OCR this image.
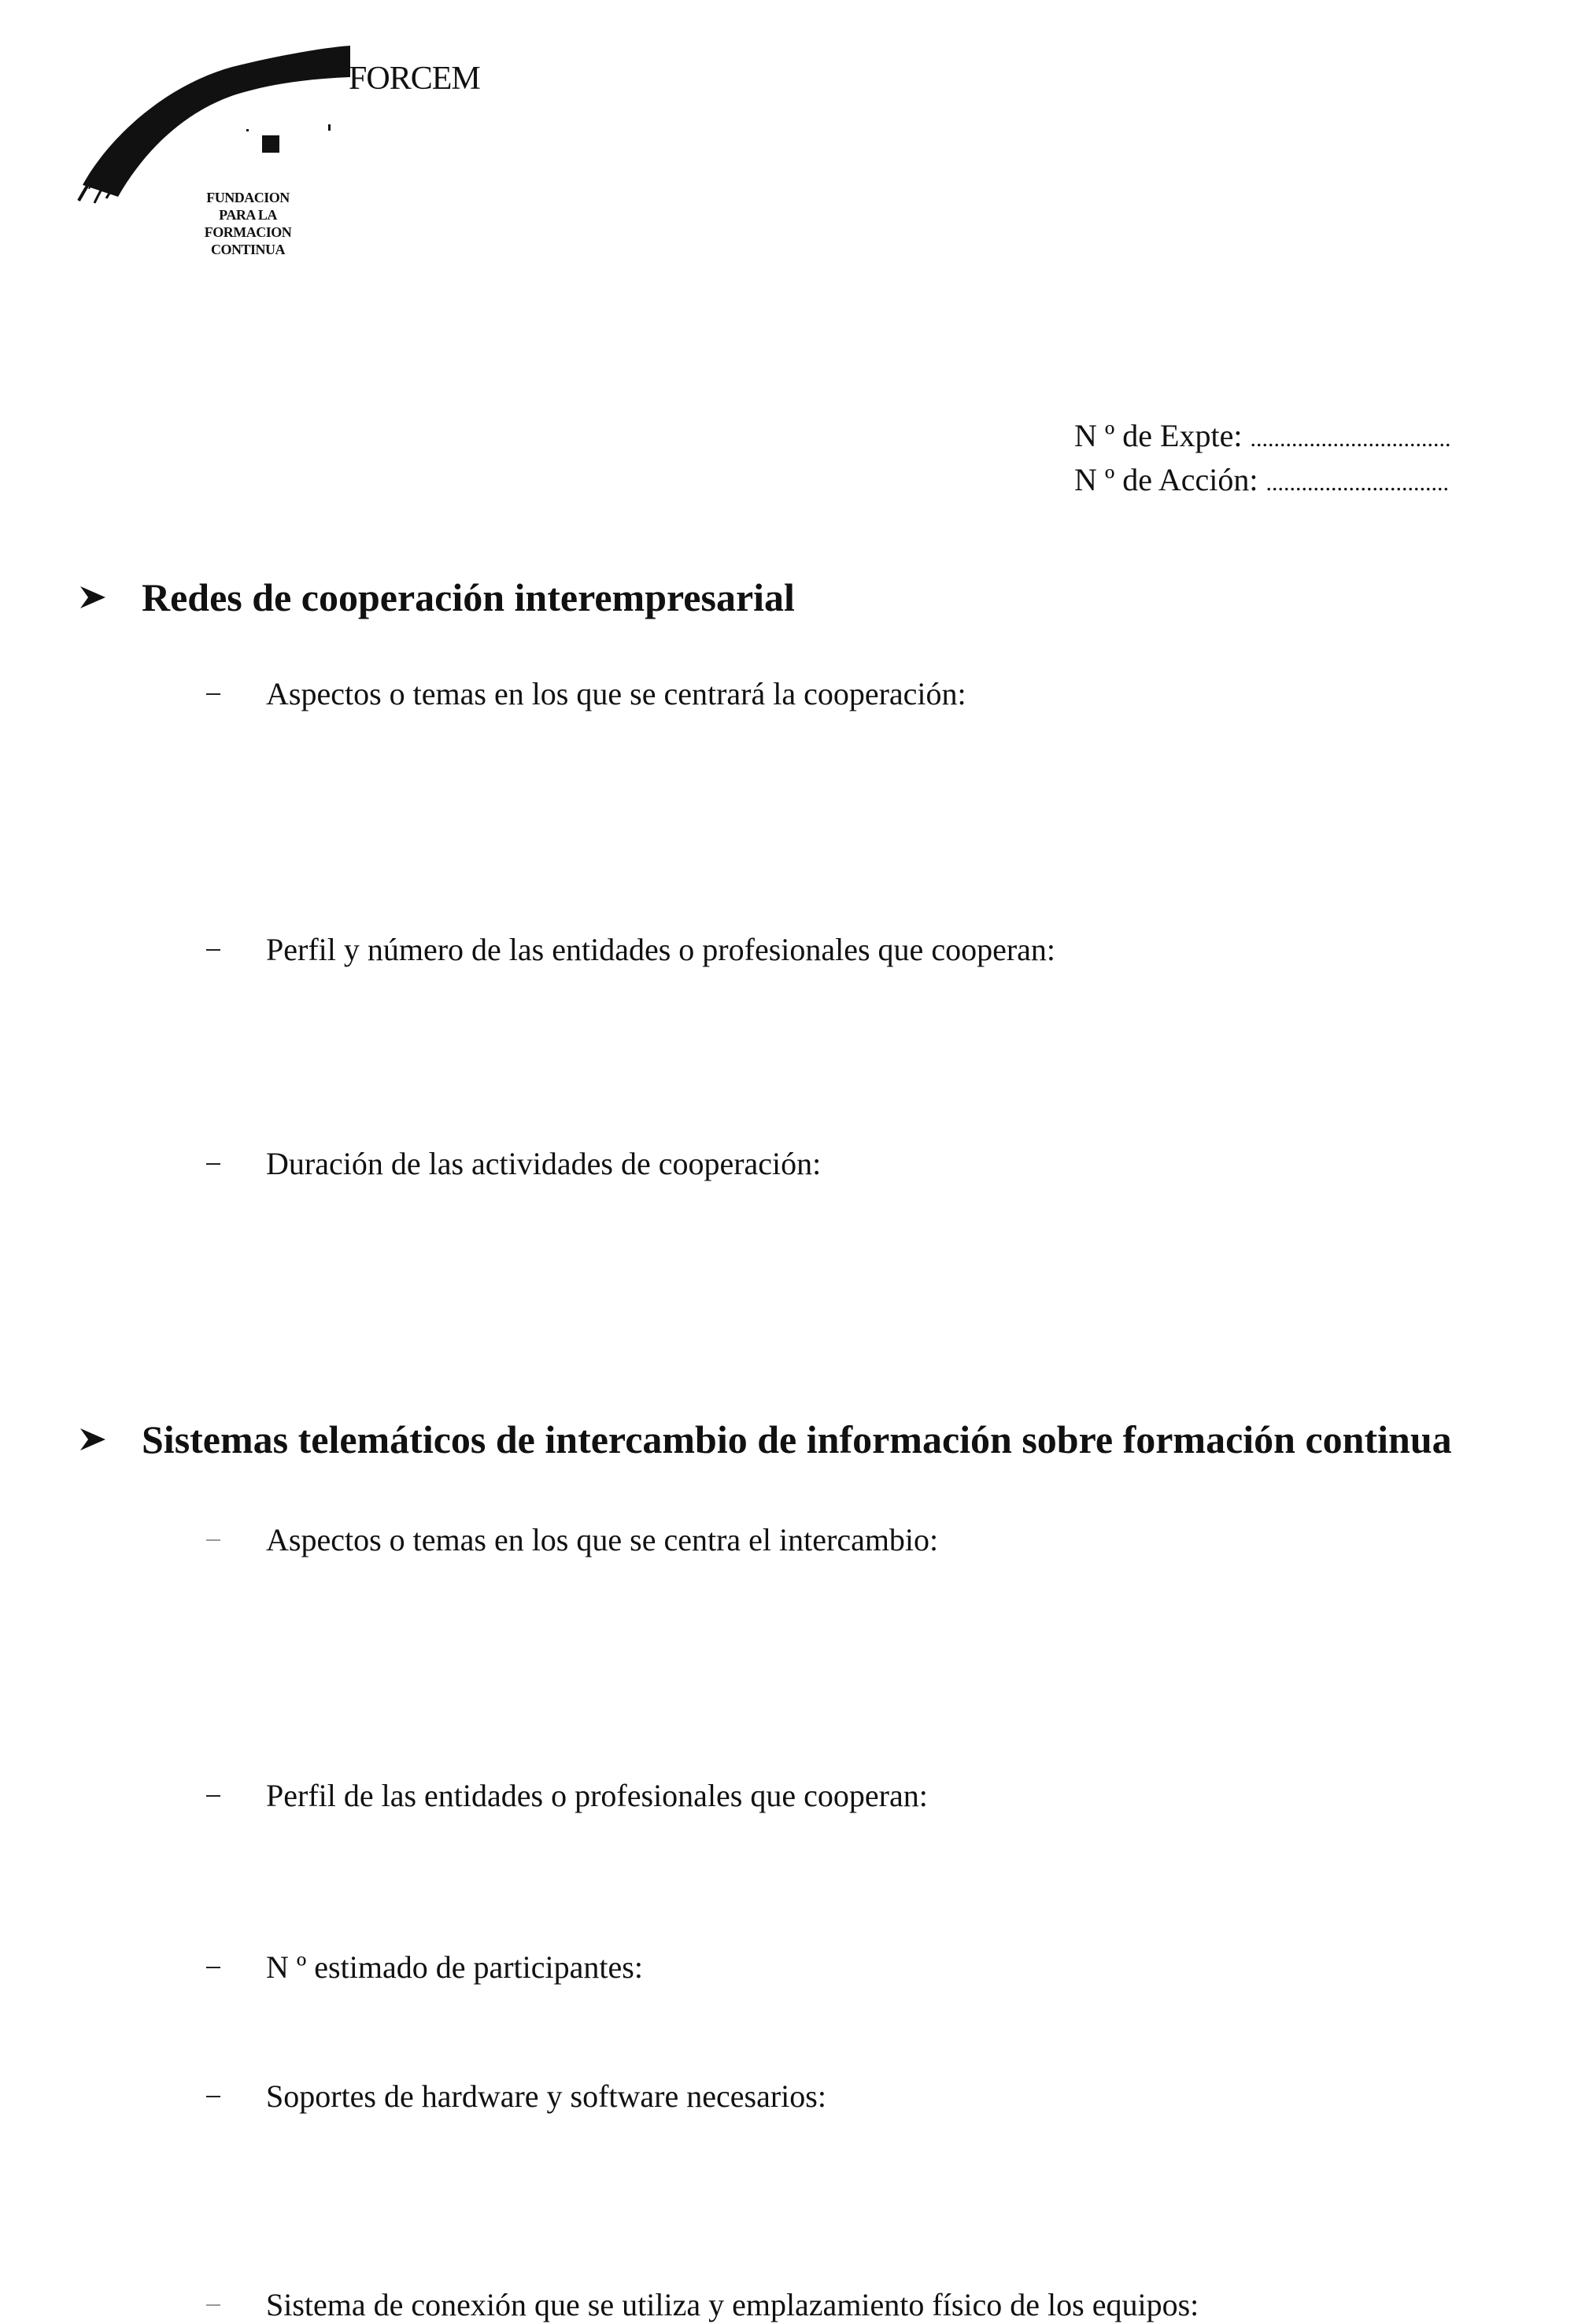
FORCEM
FUNDACION
PARA LA
FORMACION
CONTINUA
N º de Expte: ..................................
N º de Acción: ...............................
Redes de cooperación interempresarial
Aspectos o temas en los que se centrará la cooperación:
Perfil y número de las entidades o profesionales que cooperan:
Duración de las actividades de cooperación:
Sistemas telemáticos de intercambio de información sobre formación continua
Aspectos o temas en los que se centra el intercambio:
Perfil de las entidades o profesionales que cooperan:
N º estimado de participantes:
Soportes de hardware y software necesarios:
Sistema de conexión que se utiliza y emplazamiento físico de los equipos:
